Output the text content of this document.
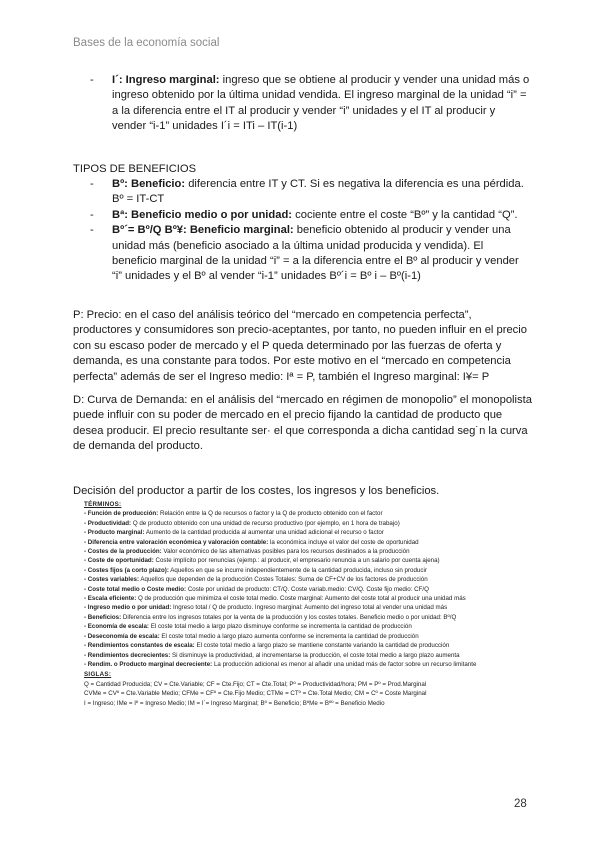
Bases de la economía social
- I´: Ingreso marginal: ingreso que se obtiene al producir y vender una unidad más o ingreso obtenido por la última unidad vendida. El ingreso marginal de la unidad “i” = a la diferencia entre el IT al producir y vender “i” unidades y el IT al producir y vender “i-1” unidades I´i = ITi – IT(i-1)
TIPOS DE BENEFICIOS
- Bº: Beneficio: diferencia entre IT y CT. Si es negativa la diferencia es una pérdida. Bº = IT-CT
- Bª: Beneficio medio o por unidad: cociente entre el coste “Bº” y la cantidad “Q”.
- Bº´= Bº/Q Bº¥: Beneficio marginal: beneficio obtenido al producir y vender una unidad más (beneficio asociado a la última unidad producida y vendida). El beneficio marginal de la unidad “i” = a la diferencia entre el Bº al producir y vender “i” unidades y el Bº al vender “i-1” unidades Bº´i = Bº i – Bº(i-1)
P: Precio: en el caso del análisis teórico del “mercado en competencia perfecta”, productores y consumidores son precio-aceptantes, por tanto, no pueden influir en el precio con su escaso poder de mercado y el P queda determinado por las fuerzas de oferta y demanda, es una constante para todos. Por este motivo en el “mercado en competencia perfecta” además de ser el Ingreso medio: Iª = P, también el Ingreso marginal: I¥= P
D: Curva de Demanda: en el análisis del “mercado en régimen de monopolio” el monopolista puede influir con su poder de mercado en el precio fijando la cantidad de producto que desea producir. El precio resultante ser· el que corresponda a dicha cantidad seg˙n la curva de demanda del producto.
Decisión del productor a partir de los costes, los ingresos y los beneficios.
TÉRMINOS:
- Función de producción: Relación entre la Q de recursos o factor y la Q de producto obtenido con el factor
- Productividad: Q de producto obtenido con una unidad de recurso productivo (por ejemplo, en 1 hora de trabajo)
- Producto marginal: Aumento de la cantidad producida al aumentar una unidad adicional el recurso o factor
- Diferencia entre valoración económica y valoración contable: la económica incluye el valor del coste de oportunidad
- Costes de la producción: Valor económico de las alternativas posibles para los recursos destinados a la producción
- Coste de oportunidad: Coste implícito por renuncias (ejemp.: al producir, el empresario renuncia a un salario por cuenta ajena)
- Costes fijos (a corto plazo): Aquellos en que se incurre independientemente de la cantidad producida, incluso sin producir
- Costes variables: Aquellos que dependen de la producción Costes Totales: Suma de CF+CV de los factores de producción
- Coste total medio o Coste medio: Coste por unidad de producto: CT/Q. Coste variab.medio: CV/Q. Coste fijo medio: CF/Q
- Escala eficiente: Q de producción que minimiza el coste total medio. Coste marginal: Aumento del coste total al producir una unidad más
- Ingreso medio o por unidad: Ingreso total / Q de producto. Ingreso marginal: Aumento del ingreso total al vender una unidad más
- Beneficios: Diferencia entre los ingresos totales por la venta de la producción y los costes totales. Beneficio medio o por unidad: Bº/Q
- Economía de escala: El coste total medio a largo plazo disminuye conforme se incrementa la cantidad de producción
- Deseconomía de escala: El coste total medio a largo plazo aumenta conforme se incrementa la cantidad de producción
- Rendimientos constantes de escala: El coste total medio a largo plazo se mantiene constante variando la cantidad de producción
- Rendimientos decrecientes: Si disminuye la productividad, al incrementarse la producción, el coste total medio a largo plazo aumenta
- Rendim. o Producto marginal decreciente: La producción adicional es menor al añadir una unidad más de factor sobre un recurso limitante
SIGLAS:
Q = Cantidad Producida; CV = Cte.Variable; CF = Cte.Fijo; CT = Cte.Total; Pº = Productividad/hora; PM = Pº = Prod.Marginal
CVMe = CVº = Cte.Variable Medio; CFMe = CFº = Cte.Fijo Medio; CTMe = CTº = Cte.Total Medio; CM = Cº = Coste Marginal
I = Ingreso; IMe = Iº = Ingreso Medio; IM = I´= Ingreso Marginal; Bº = Beneficio; BºMe = Bºº = Beneficio Medio
28
